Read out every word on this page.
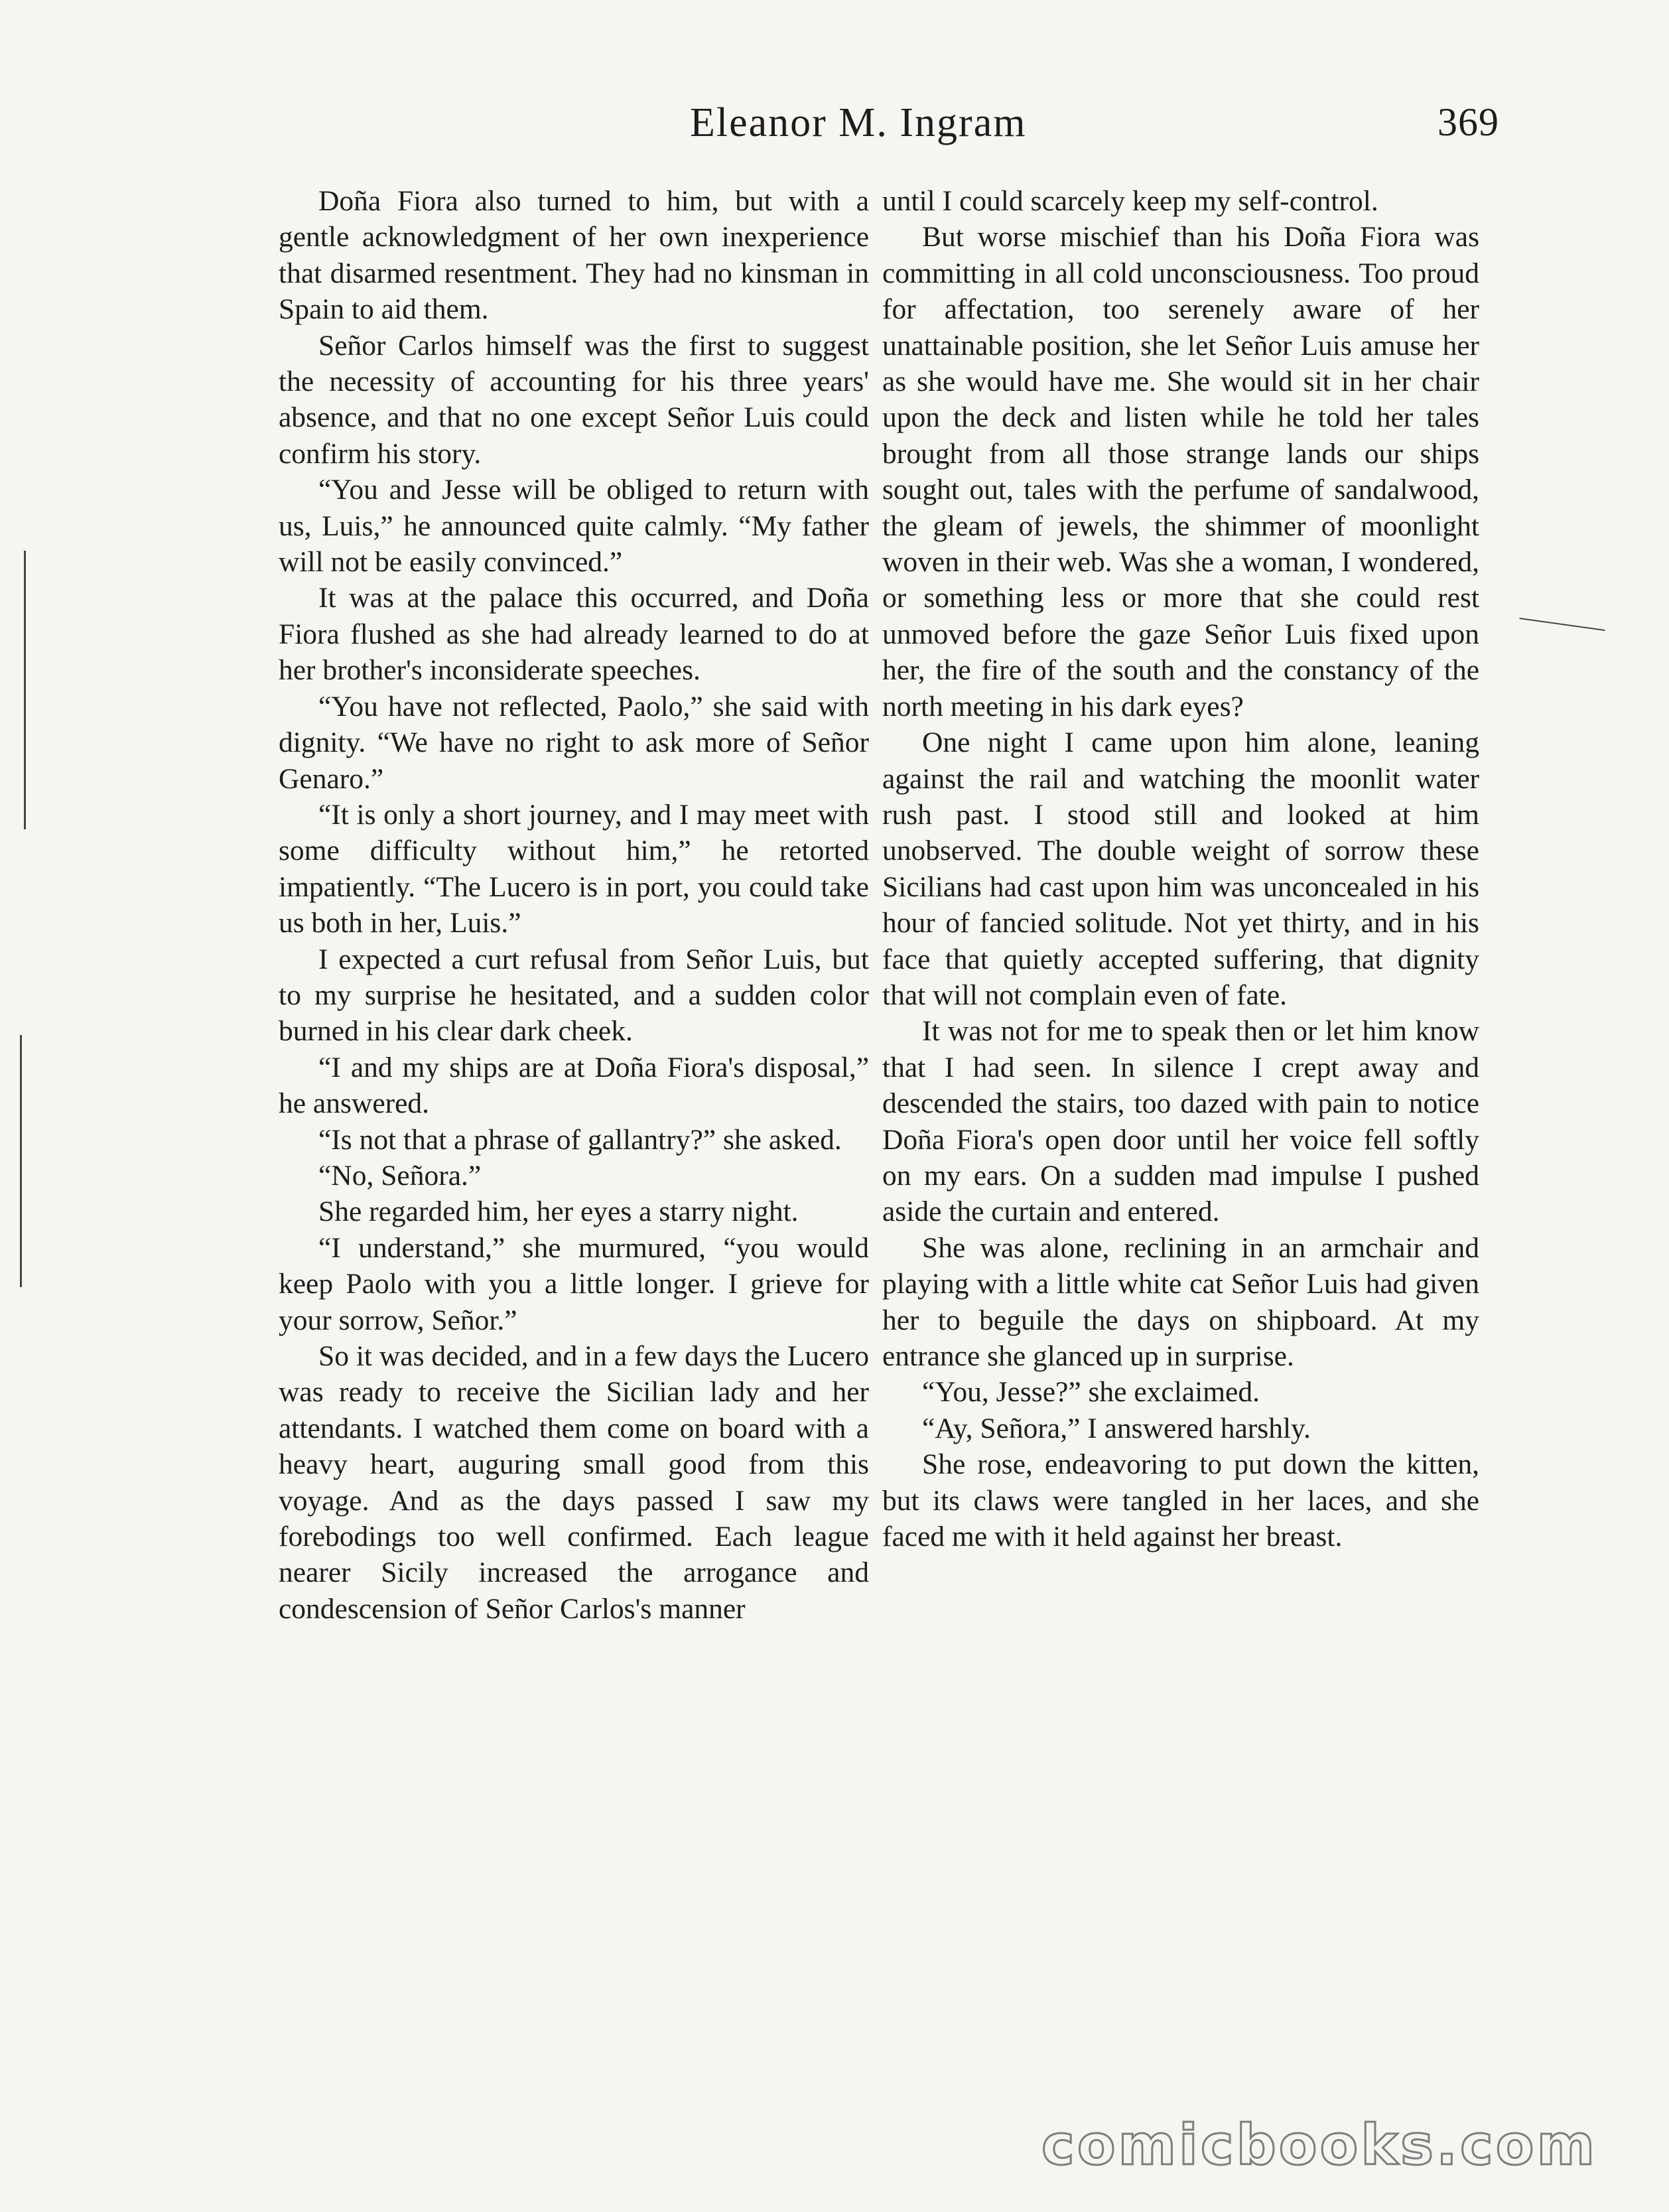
Eleanor M. Ingram	369

Doña Fiora also turned to him, but with a gentle acknowledgment of her own inexperience that disarmed resentment. They had no kinsman in Spain to aid them.

Señor Carlos himself was the first to suggest the necessity of accounting for his three years' absence, and that no one except Señor Luis could confirm his story.

“You and Jesse will be obliged to return with us, Luis,” he announced quite calmly. “My father will not be easily convinced.”

It was at the palace this occurred, and Doña Fiora flushed as she had already learned to do at her brother's inconsiderate speeches.

“You have not reflected, Paolo,” she said with dignity. “We have no right to ask more of Señor Genaro.”

“It is only a short journey, and I may meet with some difficulty without him,” he retorted impatiently. “The Lucero is in port, you could take us both in her, Luis.”

I expected a curt refusal from Señor Luis, but to my surprise he hesitated, and a sudden color burned in his clear dark cheek.

“I and my ships are at Doña Fiora's disposal,” he answered.

“Is not that a phrase of gallantry?” she asked.

“No, Señora.”

She regarded him, her eyes a starry night.

“I understand,” she murmured, “you would keep Paolo with you a little longer. I grieve for your sorrow, Señor.”

So it was decided, and in a few days the Lucero was ready to receive the Sicilian lady and her attendants. I watched them come on board with a heavy heart, auguring small good from this voyage. And as the days passed I saw my forebodings too well confirmed. Each league nearer Sicily increased the arrogance and condescension of Señor Carlos's manner

until I could scarcely keep my self-control.

But worse mischief than his Doña Fiora was committing in all cold unconsciousness. Too proud for affectation, too serenely aware of her unattainable position, she let Señor Luis amuse her as she would have me. She would sit in her chair upon the deck and listen while he told her tales brought from all those strange lands our ships sought out, tales with the perfume of sandalwood, the gleam of jewels, the shimmer of moonlight woven in their web. Was she a woman, I wondered, or something less or more that she could rest unmoved before the gaze Señor Luis fixed upon her, the fire of the south and the constancy of the north meeting in his dark eyes?

One night I came upon him alone, leaning against the rail and watching the moonlit water rush past. I stood still and looked at him unobserved. The double weight of sorrow these Sicilians had cast upon him was unconcealed in his hour of fancied solitude. Not yet thirty, and in his face that quietly accepted suffering, that dignity that will not complain even of fate.

It was not for me to speak then or let him know that I had seen. In silence I crept away and descended the stairs, too dazed with pain to notice Doña Fiora's open door until her voice fell softly on my ears. On a sudden mad impulse I pushed aside the curtain and entered.

She was alone, reclining in an armchair and playing with a little white cat Señor Luis had given her to beguile the days on shipboard. At my entrance she glanced up in surprise.

“You, Jesse?” she exclaimed.

“Ay, Señora,” I answered harshly.

She rose, endeavoring to put down the kitten, but its claws were tangled in her laces, and she faced me with it held against her breast.

comicbooks.com
